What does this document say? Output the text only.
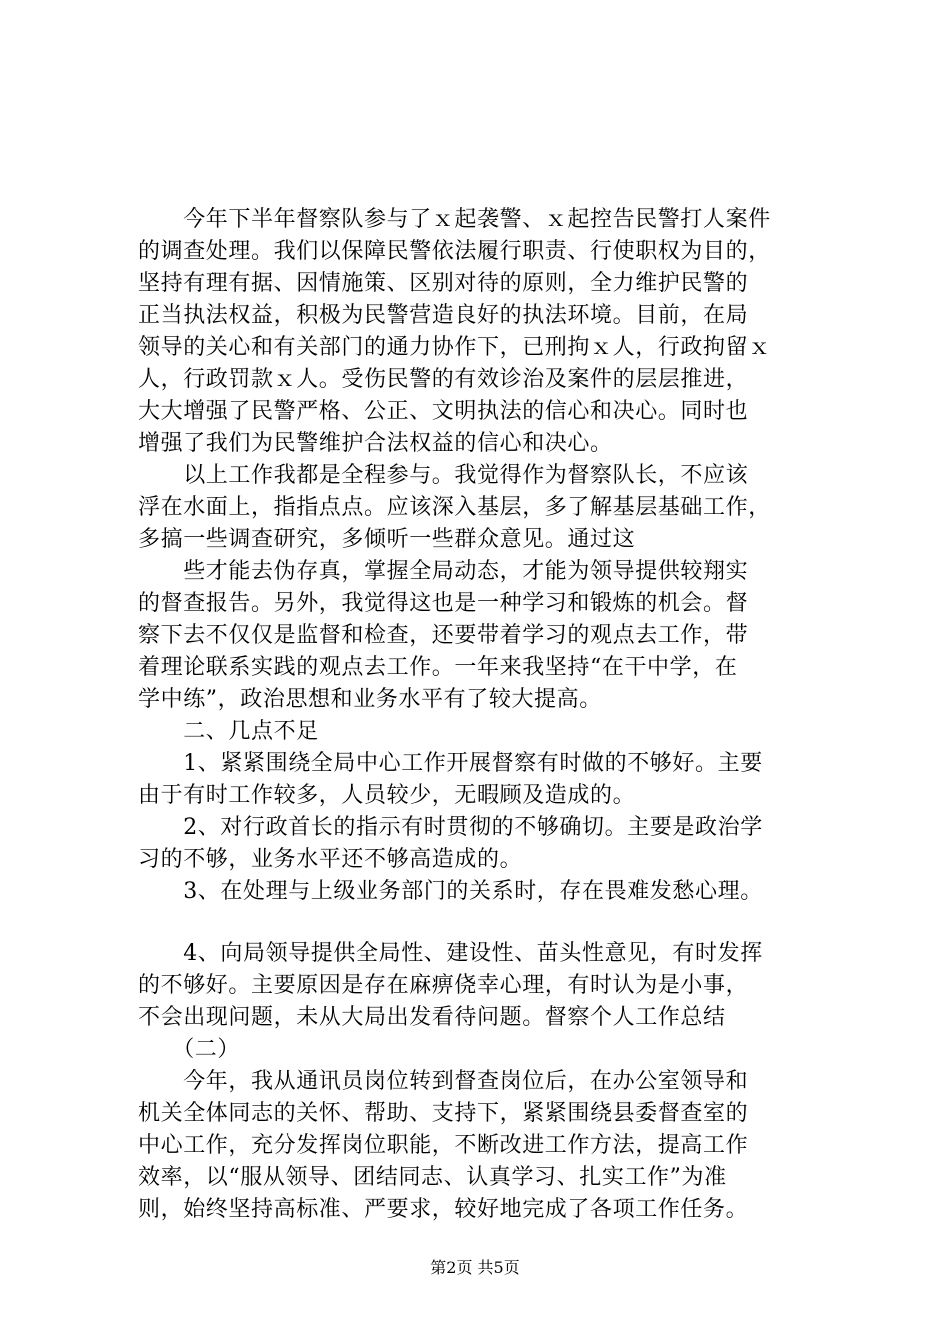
　　今年下半年督察队参与了ｘ起袭警、ｘ起控告民警打人案件
的调查处理。我们以保障民警依法履行职责、行使职权为目的，
坚持有理有据、因情施策、区别对待的原则，全力维护民警的
正当执法权益，积极为民警营造良好的执法环境。目前，在局
领导的关心和有关部门的通力协作下，已刑拘ｘ人，行政拘留ｘ
人，行政罚款ｘ人。受伤民警的有效诊治及案件的层层推进，
大大增强了民警严格、公正、文明执法的信心和决心。同时也
增强了我们为民警维护合法权益的信心和决心。
　　以上工作我都是全程参与。我觉得作为督察队长，不应该
浮在水面上，指指点点。应该深入基层，多了解基层基础工作，
多搞一些调查研究，多倾听一些群众意见。通过这
　　些才能去伪存真，掌握全局动态，才能为领导提供较翔实
的督查报告。另外，我觉得这也是一种学习和锻炼的机会。督
察下去不仅仅是监督和检查，还要带着学习的观点去工作，带
着理论联系实践的观点去工作。一年来我坚持“在干中学，在
学中练”，政治思想和业务水平有了较大提高。
　　二、几点不足
　　1、紧紧围绕全局中心工作开展督察有时做的不够好。主要
由于有时工作较多，人员较少，无暇顾及造成的。
　　2、对行政首长的指示有时贯彻的不够确切。主要是政治学
习的不够，业务水平还不够高造成的。
　　3、在处理与上级业务部门的关系时，存在畏难发愁心理。
　　4、向局领导提供全局性、建设性、苗头性意见，有时发挥
的不够好。主要原因是存在麻痹侥幸心理，有时认为是小事，
不会出现问题，未从大局出发看待问题。督察个人工作总结
　　（二）
　　今年，我从通讯员岗位转到督查岗位后，在办公室领导和
机关全体同志的关怀、帮助、支持下，紧紧围绕县委督查室的
中心工作，充分发挥岗位职能，不断改进工作方法，提高工作
效率，以“服从领导、团结同志、认真学习、扎实工作”为准
则，始终坚持高标准、严要求，较好地完成了各项工作任务。
第2页 共5页
